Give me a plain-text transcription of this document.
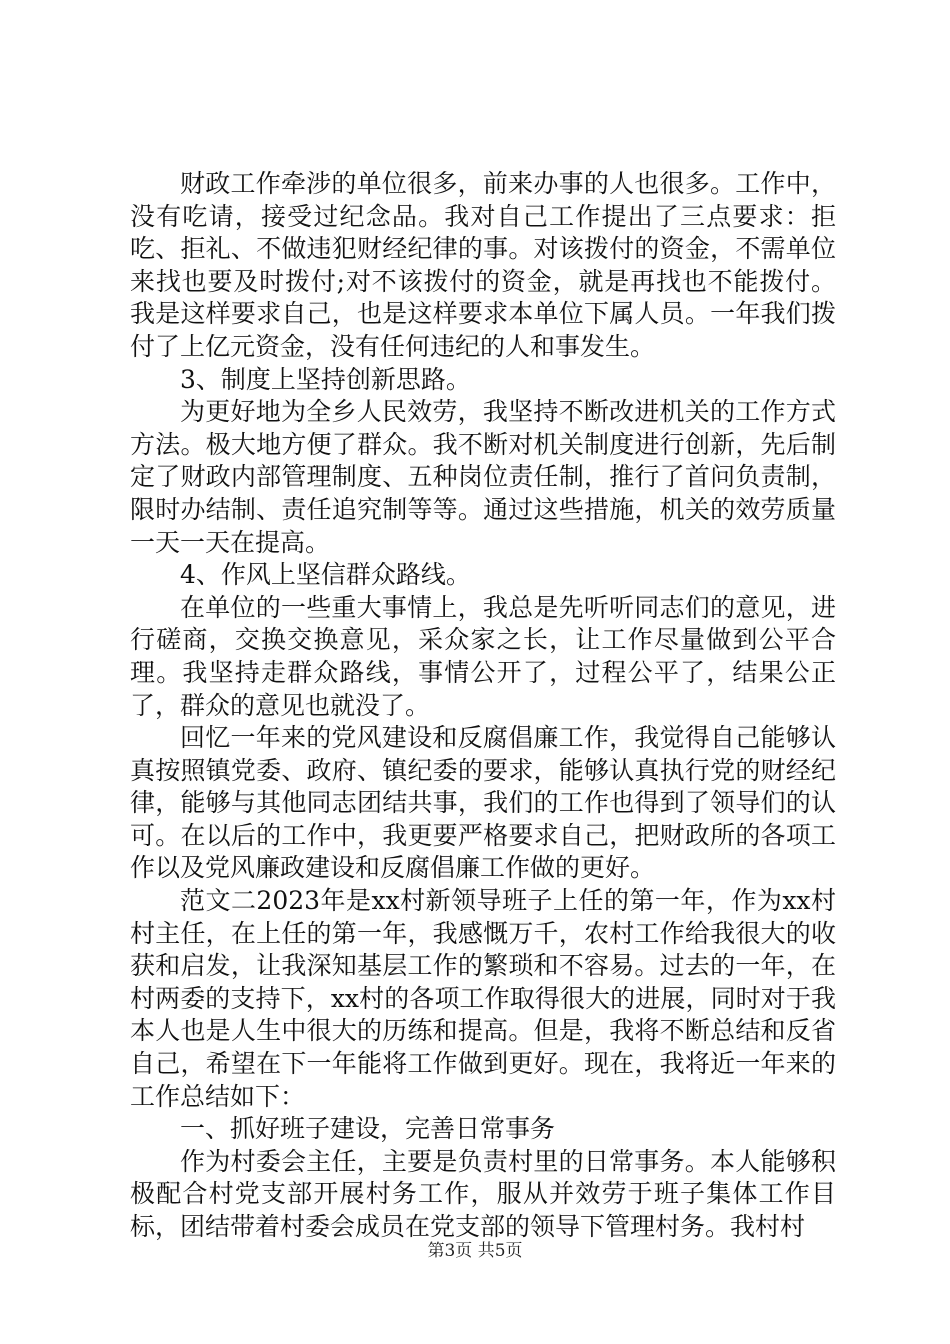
财政工作牵涉的单位很多，前来办事的人也很多。工作中，没有吃请，接受过纪念品。我对自己工作提出了三点要求：拒吃、拒礼、不做违犯财经纪律的事。对该拨付的资金，不需单位来找也要及时拨付;对不该拨付的资金，就是再找也不能拨付。我是这样要求自己，也是这样要求本单位下属人员。一年我们拨付了上亿元资金，没有任何违纪的人和事发生。

3、制度上坚持创新思路。

为更好地为全乡人民效劳，我坚持不断改进机关的工作方式方法。极大地方便了群众。我不断对机关制度进行创新，先后制定了财政内部管理制度、五种岗位责任制，推行了首问负责制，限时办结制、责任追究制等等。通过这些措施，机关的效劳质量一天一天在提高。

4、作风上坚信群众路线。

在单位的一些重大事情上，我总是先听听同志们的意见，进行磋商，交换交换意见，采众家之长，让工作尽量做到公平合理。我坚持走群众路线，事情公开了，过程公平了，结果公正了，群众的意见也就没了。

回忆一年来的党风建设和反腐倡廉工作，我觉得自己能够认真按照镇党委、政府、镇纪委的要求，能够认真执行党的财经纪律，能够与其他同志团结共事，我们的工作也得到了领导们的认可。在以后的工作中，我更要严格要求自己，把财政所的各项工作以及党风廉政建设和反腐倡廉工作做的更好。

范文二2023年是xx村新领导班子上任的第一年，作为xx村村主任，在上任的第一年，我感慨万千，农村工作给我很大的收获和启发，让我深知基层工作的繁琐和不容易。过去的一年，在村两委的支持下，xx村的各项工作取得很大的进展，同时对于我本人也是人生中很大的历练和提高。但是，我将不断总结和反省自己，希望在下一年能将工作做到更好。现在，我将近一年来的工作总结如下：

一、抓好班子建设，完善日常事务

作为村委会主任，主要是负责村里的日常事务。本人能够积极配合村党支部开展村务工作，服从并效劳于班子集体工作目标，团结带着村委会成员在党支部的领导下管理村务。我村村

第3页 共5页
